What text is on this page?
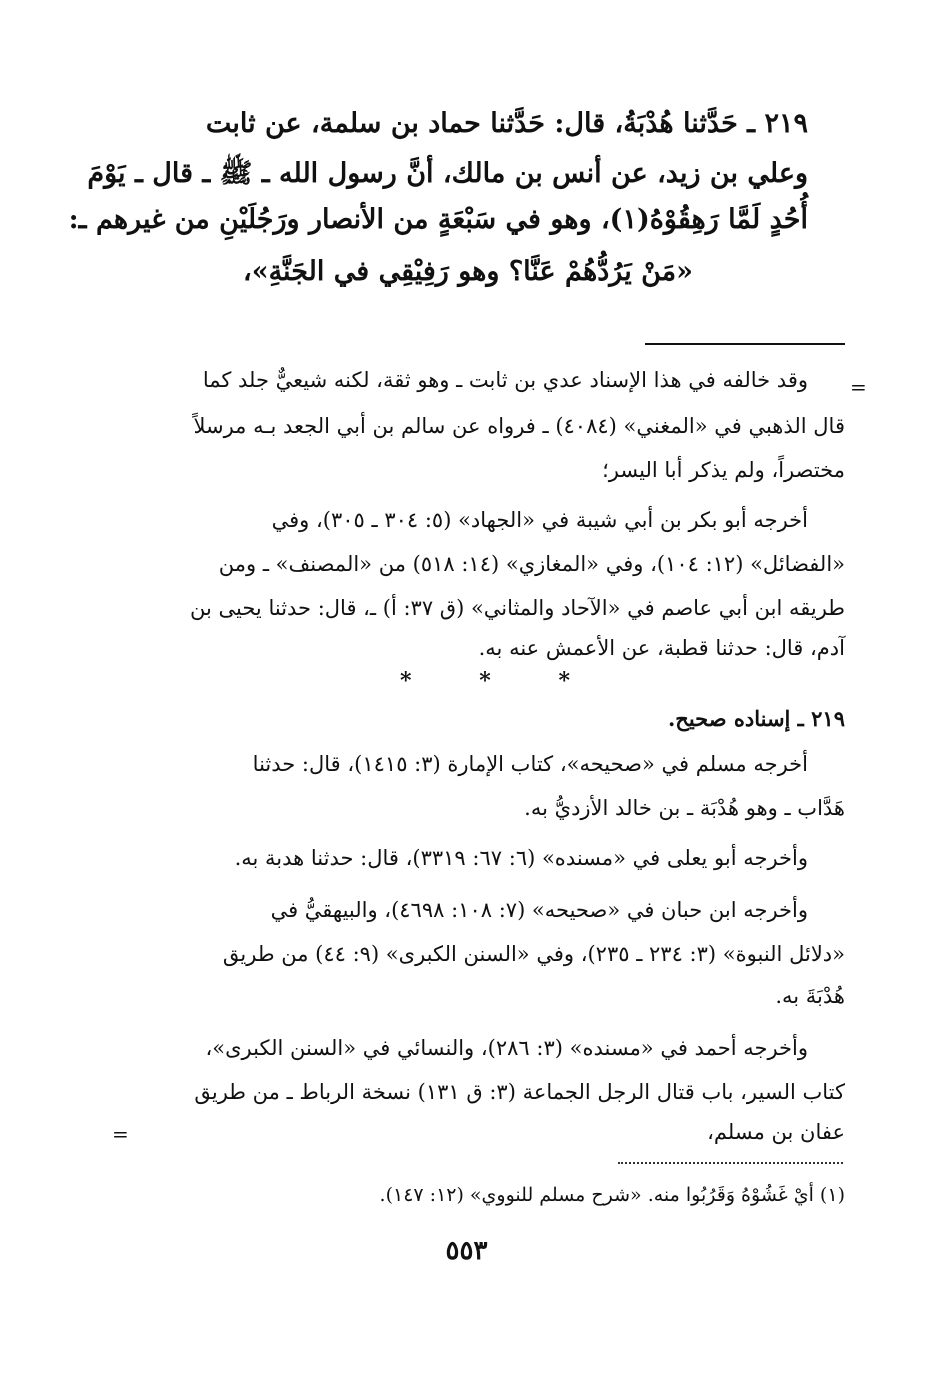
٢١٩ ـ حَدَّثنا هُدْبَةُ، قال: حَدَّثنا حماد بن سلمة، عن ثابت
وعلي بن زيد، عن أنس بن مالك، أنَّ رسول الله ـ ﷺ ـ قال ـ يَوْمَ
أُحُدٍ لَمَّا رَهِقُوْهُ(١)، وهو في سَبْعَةٍ من الأنصار ورَجُلَيْنِ من غيرهم ـ:
«مَنْ يَرُدُّهُمْ عَنَّا؟ وهو رَفِيْقِي في الجَنَّةِ»،
=
وقد خالفه في هذا الإسناد عدي بن ثابت ـ وهو ثقة، لكنه شيعيٌّ جلد كما
قال الذهبي في «المغني» (٤٠٨٤) ـ فرواه عن سالم بن أبي الجعد بـه مرسلاً
مختصراً، ولم يذكر أبا اليسر؛
أخرجه أبو بكر بن أبي شيبة في «الجهاد» (٥: ٣٠٤ ـ ٣٠٥)، وفي
«الفضائل» (١٢: ١٠٤)، وفي «المغازي» (١٤: ٥١٨) من «المصنف» ـ ومن
طريقه ابن أبي عاصم في «الآحاد والمثاني» (ق ٣٧: أ) ـ، قال: حدثنا يحيى بن
آدم، قال: حدثنا قطبة، عن الأعمش عنه به.
*	*	*
٢١٩ ـ إسناده صحيح.
أخرجه مسلم في «صحيحه»، كتاب الإمارة (٣: ١٤١٥)، قال: حدثنا
هَدَّاب ـ وهو هُدْبَة ـ بن خالد الأزديُّ به.
وأخرجه أبو يعلى في «مسنده» (٦: ٦٧: ٣٣١٩)، قال: حدثنا هدبة به.
وأخرجه ابن حبان في «صحيحه» (٧: ١٠٨: ٤٦٩٨)، والبيهقيُّ في
«دلائل النبوة» (٣: ٢٣٤ ـ ٢٣٥)، وفي «السنن الكبرى» (٩: ٤٤) من طريق
هُدْبَةَ به.
وأخرجه أحمد في «مسنده» (٣: ٢٨٦)، والنسائي في «السنن الكبرى»،
كتاب السير، باب قتال الرجل الجماعة (٣: ق ١٣١) نسخة الرباط ـ من طريق
عفان بن مسلم،
=
(١) أيْ غَشُوْهُ وَقَرُبُوا منه. «شرح مسلم للنووي» (١٢: ١٤٧).
٥٥٣
